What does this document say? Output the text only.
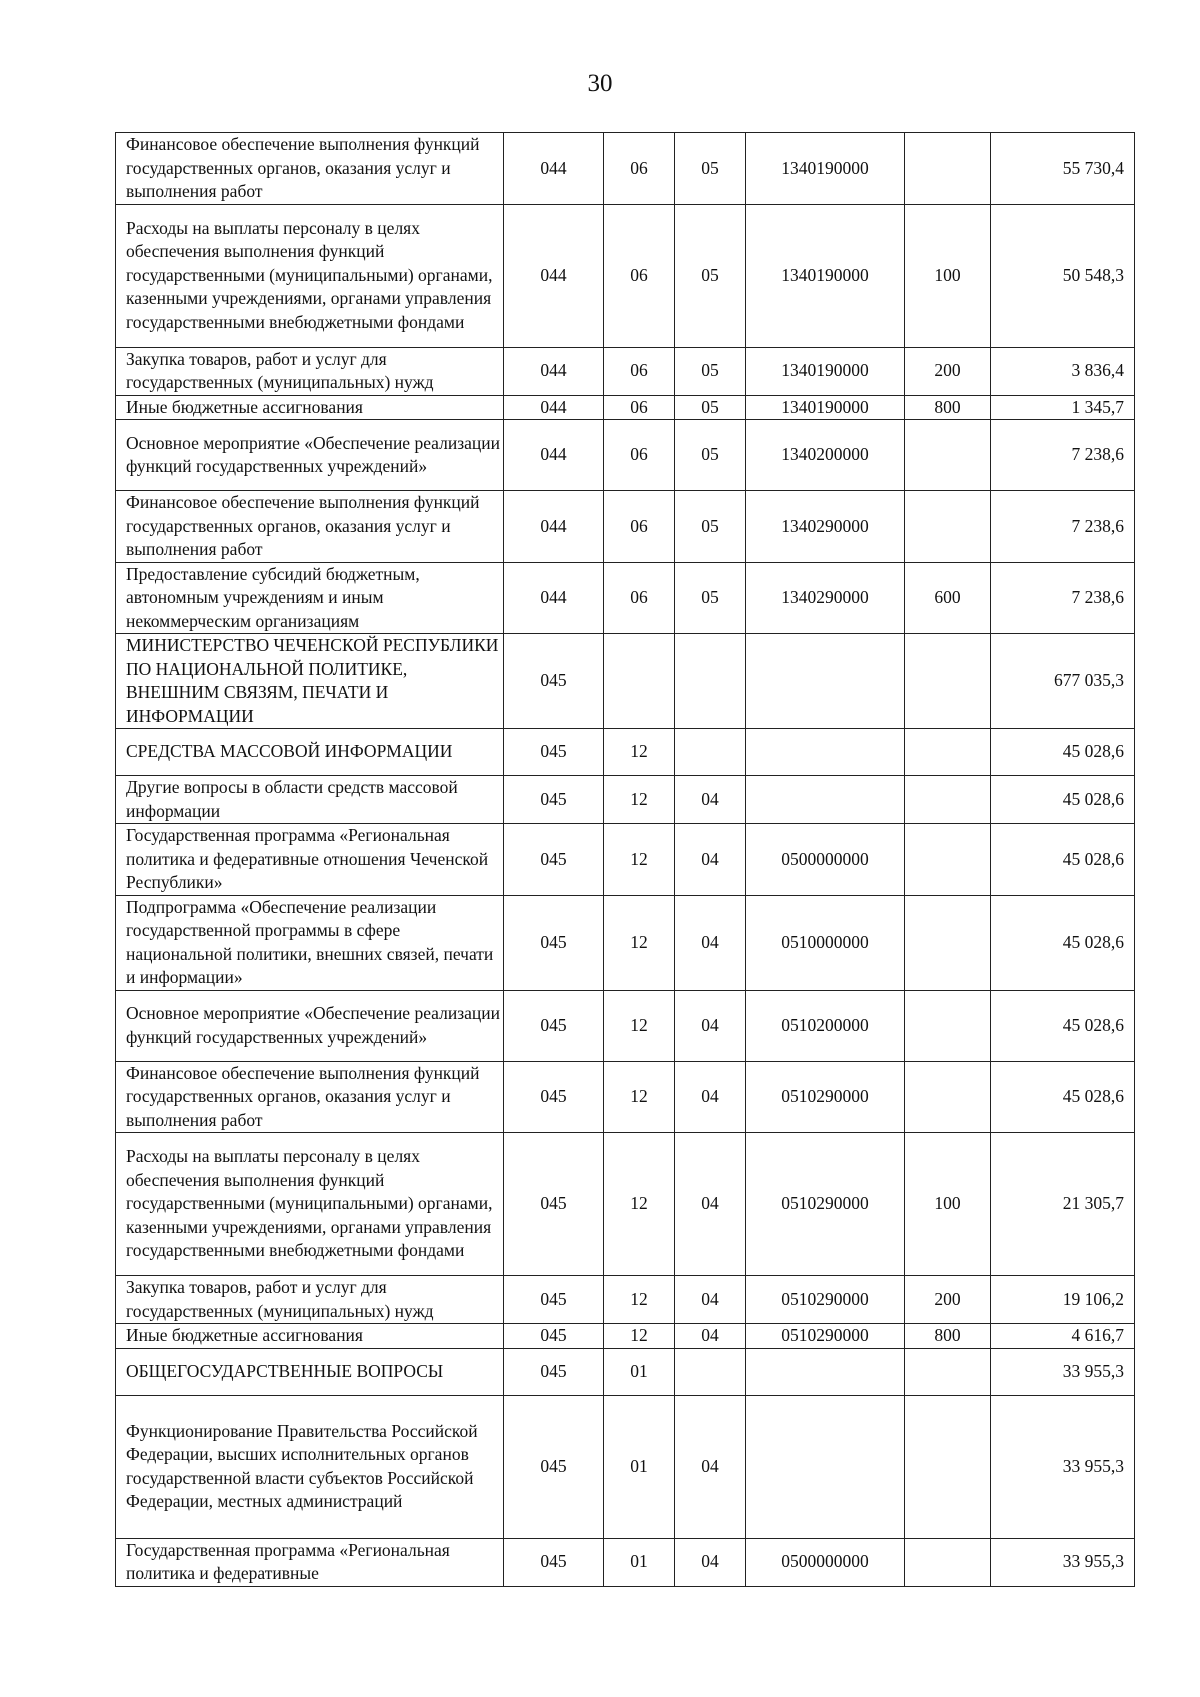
30
Финансовое обеспечение выполнения функций государственных органов, оказания услуг и выполнения работ	044	06	05	1340190000		55 730,4
Расходы на выплаты персоналу в целях обеспечения выполнения функций государственными (муниципальными) органами, казенными учреждениями, органами управления государственными внебюджетными фондами	044	06	05	1340190000	100	50 548,3
Закупка товаров, работ и услуг для государственных (муниципальных) нужд	044	06	05	1340190000	200	3 836,4
Иные бюджетные ассигнования	044	06	05	1340190000	800	1 345,7
Основное мероприятие «Обеспечение реализации функций государственных учреждений»	044	06	05	1340200000		7 238,6
Финансовое обеспечение выполнения функций государственных органов, оказания услуг и выполнения работ	044	06	05	1340290000		7 238,6
Предоставление субсидий бюджетным, автономным учреждениям и иным некоммерческим организациям	044	06	05	1340290000	600	7 238,6
МИНИСТЕРСТВО ЧЕЧЕНСКОЙ РЕСПУБЛИКИ ПО НАЦИОНАЛЬНОЙ ПОЛИТИКЕ, ВНЕШНИМ СВЯЗЯМ, ПЕЧАТИ И ИНФОРМАЦИИ	045					677 035,3
СРЕДСТВА МАССОВОЙ ИНФОРМАЦИИ	045	12				45 028,6
Другие вопросы в области средств массовой информации	045	12	04			45 028,6
Государственная программа «Региональная политика и федеративные отношения Чеченской Республики»	045	12	04	0500000000		45 028,6
Подпрограмма «Обеспечение реализации государственной программы в сфере национальной политики, внешних связей, печати и информации»	045	12	04	0510000000		45 028,6
Основное мероприятие «Обеспечение реализации функций государственных учреждений»	045	12	04	0510200000		45 028,6
Финансовое обеспечение выполнения функций государственных органов, оказания услуг и выполнения работ	045	12	04	0510290000		45 028,6
Расходы на выплаты персоналу в целях обеспечения выполнения функций государственными (муниципальными) органами, казенными учреждениями, органами управления государственными внебюджетными фондами	045	12	04	0510290000	100	21 305,7
Закупка товаров, работ и услуг для государственных (муниципальных) нужд	045	12	04	0510290000	200	19 106,2
Иные бюджетные ассигнования	045	12	04	0510290000	800	4 616,7
ОБЩЕГОСУДАРСТВЕННЫЕ ВОПРОСЫ	045	01				33 955,3
Функционирование Правительства Российской Федерации, высших исполнительных органов государственной власти субъектов Российской Федерации, местных администраций	045	01	04			33 955,3
Государственная программа «Региональная политика и федеративные	045	01	04	0500000000		33 955,3
